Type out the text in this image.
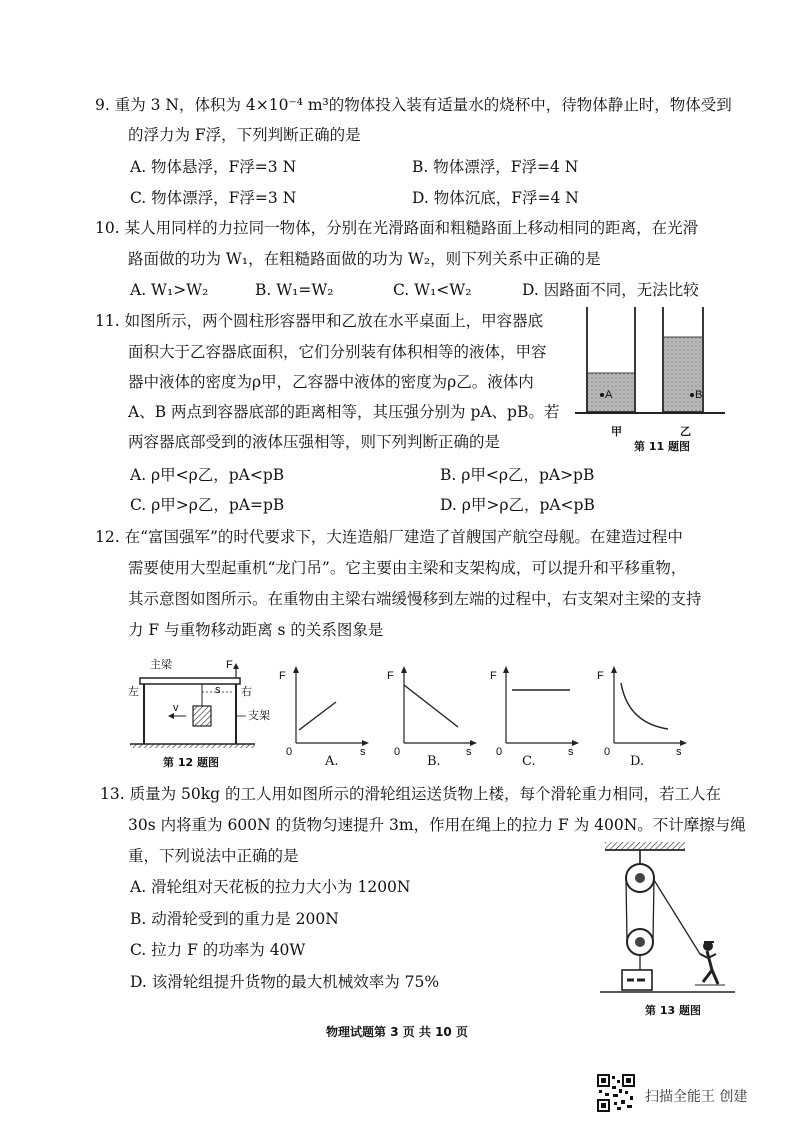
9. 重为 3 N，体积为 4×10⁻⁴ m³的物体投入装有适量水的烧杯中，待物体静止时，物体受到
的浮力为 F浮，下列判断正确的是
A. 物体悬浮，F浮=3 N	B. 物体漂浮，F浮=4 N
C. 物体漂浮，F浮=3 N	D. 物体沉底，F浮=4 N
10. 某人用同样的力拉同一物体，分别在光滑路面和粗糙路面上移动相同的距离，在光滑
路面做的功为 W₁，在粗糙路面做的功为 W₂，则下列关系中正确的是
A. W₁>W₂	B. W₁=W₂	C. W₁<W₂	D. 因路面不同，无法比较
11. 如图所示，两个圆柱形容器甲和乙放在水平桌面上，甲容器底
面积大于乙容器底面积，它们分别装有体积相等的液体，甲容
器中液体的密度为ρ甲，乙容器中液体的密度为ρ乙。液体内
A、B 两点到容器底部的距离相等，其压强分别为 pA、pB。若
两容器底部受到的液体压强相等，则下列判断正确的是
A. ρ甲<ρ乙，pA<pB	B. ρ甲<ρ乙，pA>pB
C. ρ甲>ρ乙，pA=pB	D. ρ甲>ρ乙，pA<pB
A	B
甲	乙
第 11 题图
12. 在“富国强军”的时代要求下，大连造船厂建造了首艘国产航空母舰。在建造过程中
需要使用大型起重机“龙门吊”。它主要由主梁和支架构成，可以提升和平移重物，
其示意图如图所示。在重物由主梁右端缓慢移到左端的过程中，右支架对主梁的支持
力 F 与重物移动距离 s 的关系图象是
主梁	F
左	右
s
v
支架
第 12 题图
F
0	s
A.
F
0	s
B.
F
0	s
C.
F
0	s
D.
13. 质量为 50kg 的工人用如图所示的滑轮组运送货物上楼，每个滑轮重力相同，若工人在
30s 内将重为 600N 的货物匀速提升 3m，作用在绳上的拉力 F 为 400N。不计摩擦与绳
重，下列说法中正确的是
A. 滑轮组对天花板的拉力大小为 1200N
B. 动滑轮受到的重力是 200N
C. 拉力 F 的功率为 40W
D. 该滑轮组提升货物的最大机械效率为 75%
第 13 题图
物理试题第 3 页 共 10 页
扫描全能王 创建
